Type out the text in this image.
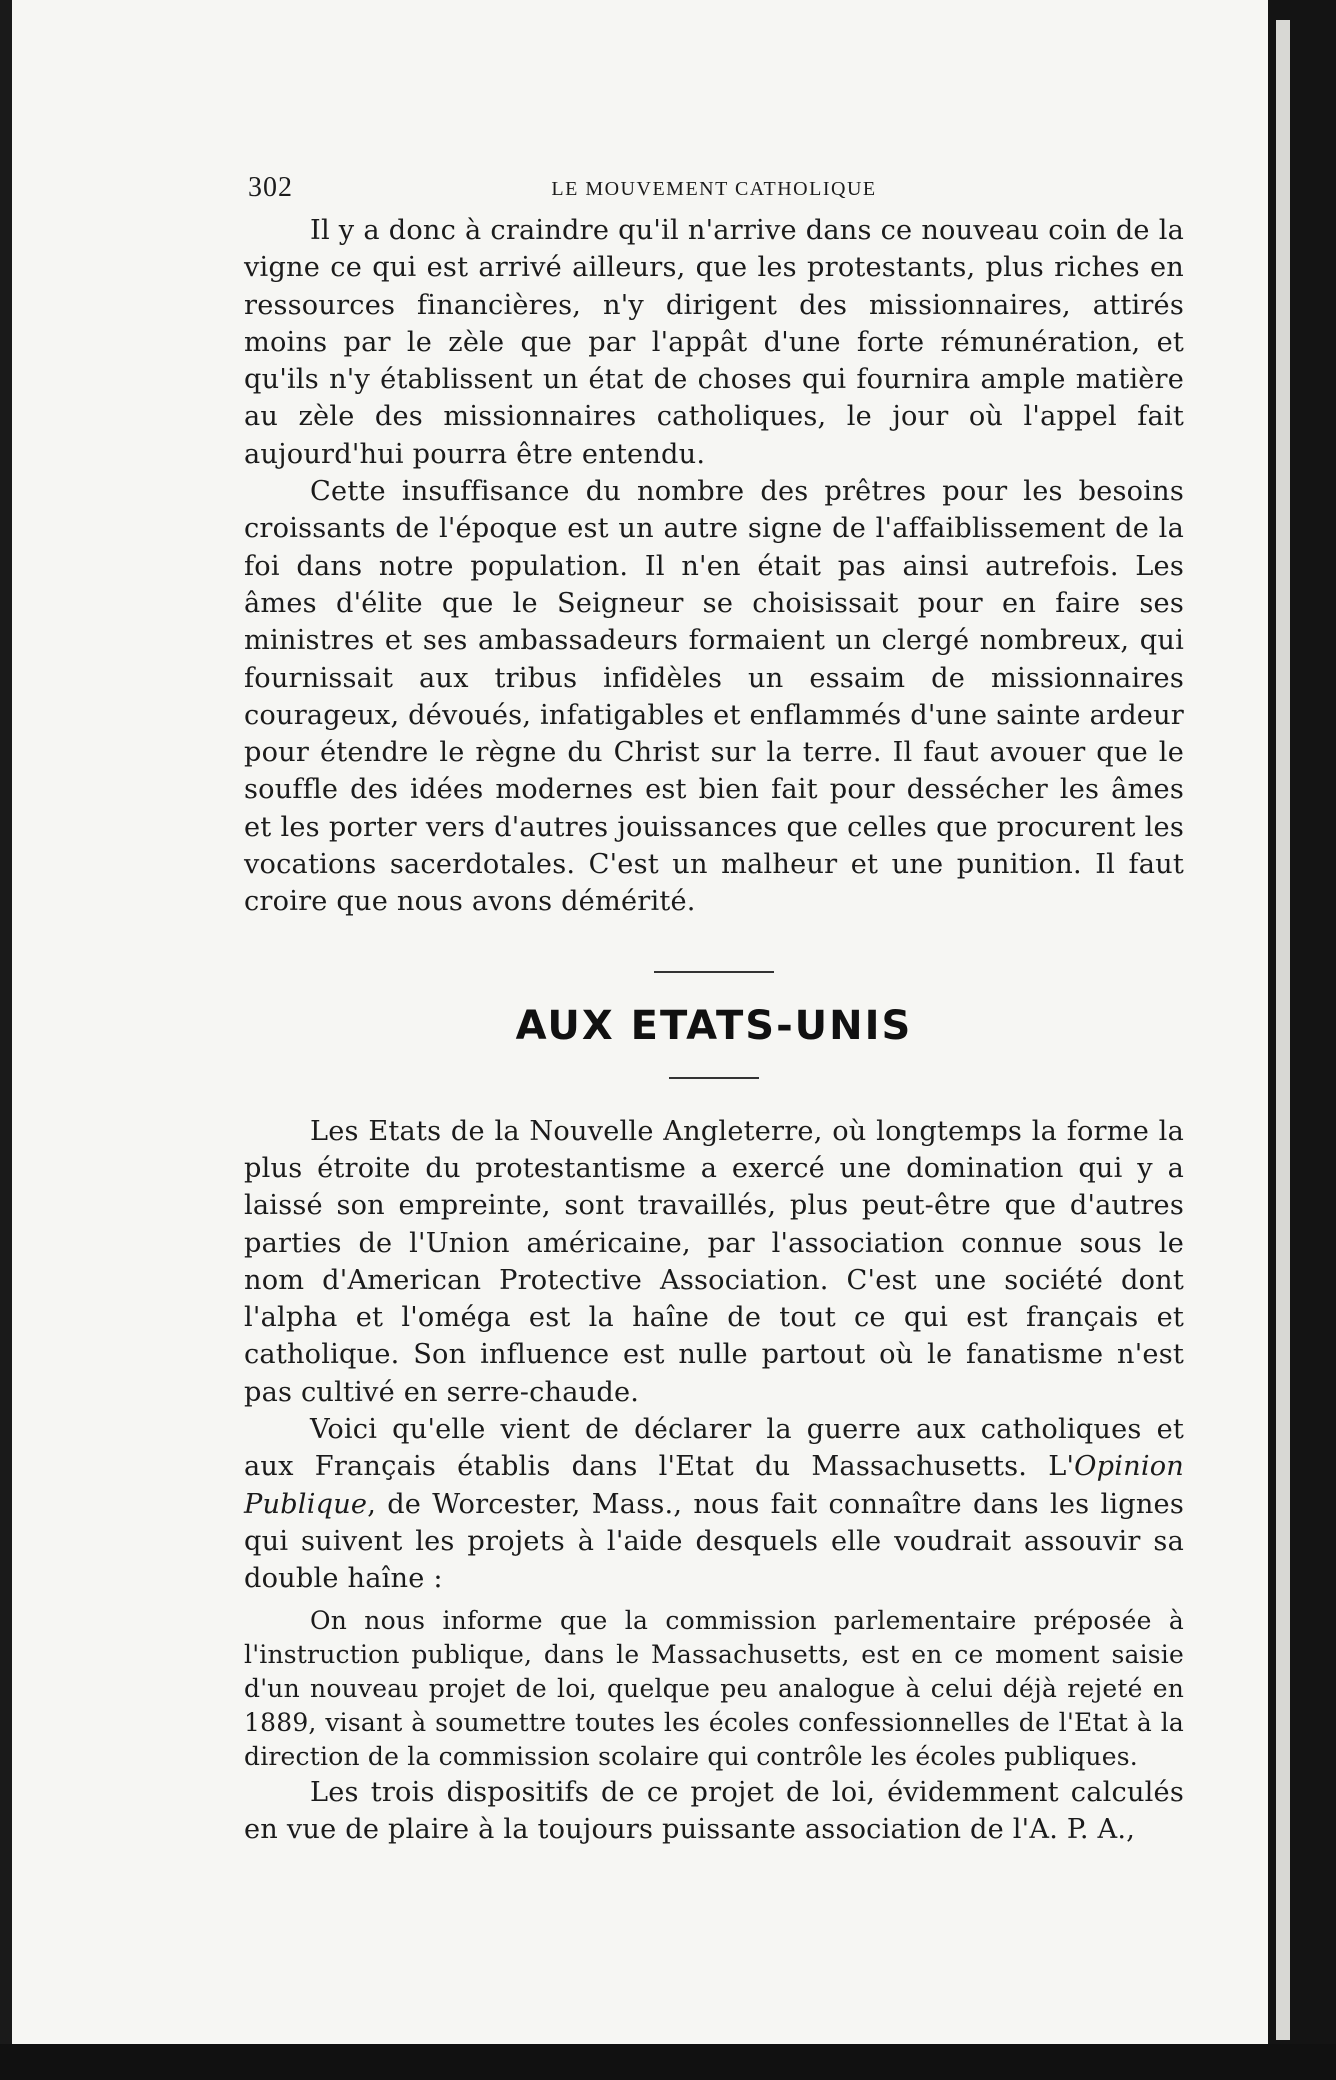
302	LE MOUVEMENT CATHOLIQUE

Il y a donc à craindre qu'il n'arrive dans ce nouveau coin de la vigne ce qui est arrivé ailleurs, que les protestants, plus riches en ressources financières, n'y dirigent des missionnaires, attirés moins par le zèle que par l'appât d'une forte rémunération, et qu'ils n'y établissent un état de choses qui fournira ample matière au zèle des missionnaires catholiques, le jour où l'appel fait aujourd'hui pourra être entendu.

Cette insuffisance du nombre des prêtres pour les besoins croissants de l'époque est un autre signe de l'affaiblissement de la foi dans notre population. Il n'en était pas ainsi autrefois. Les âmes d'élite que le Seigneur se choisissait pour en faire ses ministres et ses ambassadeurs formaient un clergé nombreux, qui fournissait aux tribus infidèles un essaim de missionnaires courageux, dévoués, infatigables et enflammés d'une sainte ardeur pour étendre le règne du Christ sur la terre. Il faut avouer que le souffle des idées modernes est bien fait pour dessécher les âmes et les porter vers d'autres jouissances que celles que procurent les vocations sacerdotales. C'est un malheur et une punition. Il faut croire que nous avons démérité.

AUX ETATS-UNIS

Les Etats de la Nouvelle Angleterre, où longtemps la forme la plus étroite du protestantisme a exercé une domination qui y a laissé son empreinte, sont travaillés, plus peut-être que d'autres parties de l'Union américaine, par l'association connue sous le nom d'American Protective Association. C'est une société dont l'alpha et l'oméga est la haîne de tout ce qui est français et catholique. Son influence est nulle partout où le fanatisme n'est pas cultivé en serre-chaude.

Voici qu'elle vient de déclarer la guerre aux catholiques et aux Français établis dans l'Etat du Massachusetts. L'Opinion Publique, de Worcester, Mass., nous fait connaître dans les lignes qui suivent les projets à l'aide desquels elle voudrait assouvir sa double haîne :

On nous informe que la commission parlementaire préposée à l'instruction publique, dans le Massachusetts, est en ce moment saisie d'un nouveau projet de loi, quelque peu analogue à celui déjà rejeté en 1889, visant à soumettre toutes les écoles confessionnelles de l'Etat à la direction de la commission scolaire qui contrôle les écoles publiques.

Les trois dispositifs de ce projet de loi, évidemment calculés en vue de plaire à la toujours puissante association de l'A. P. A.,
